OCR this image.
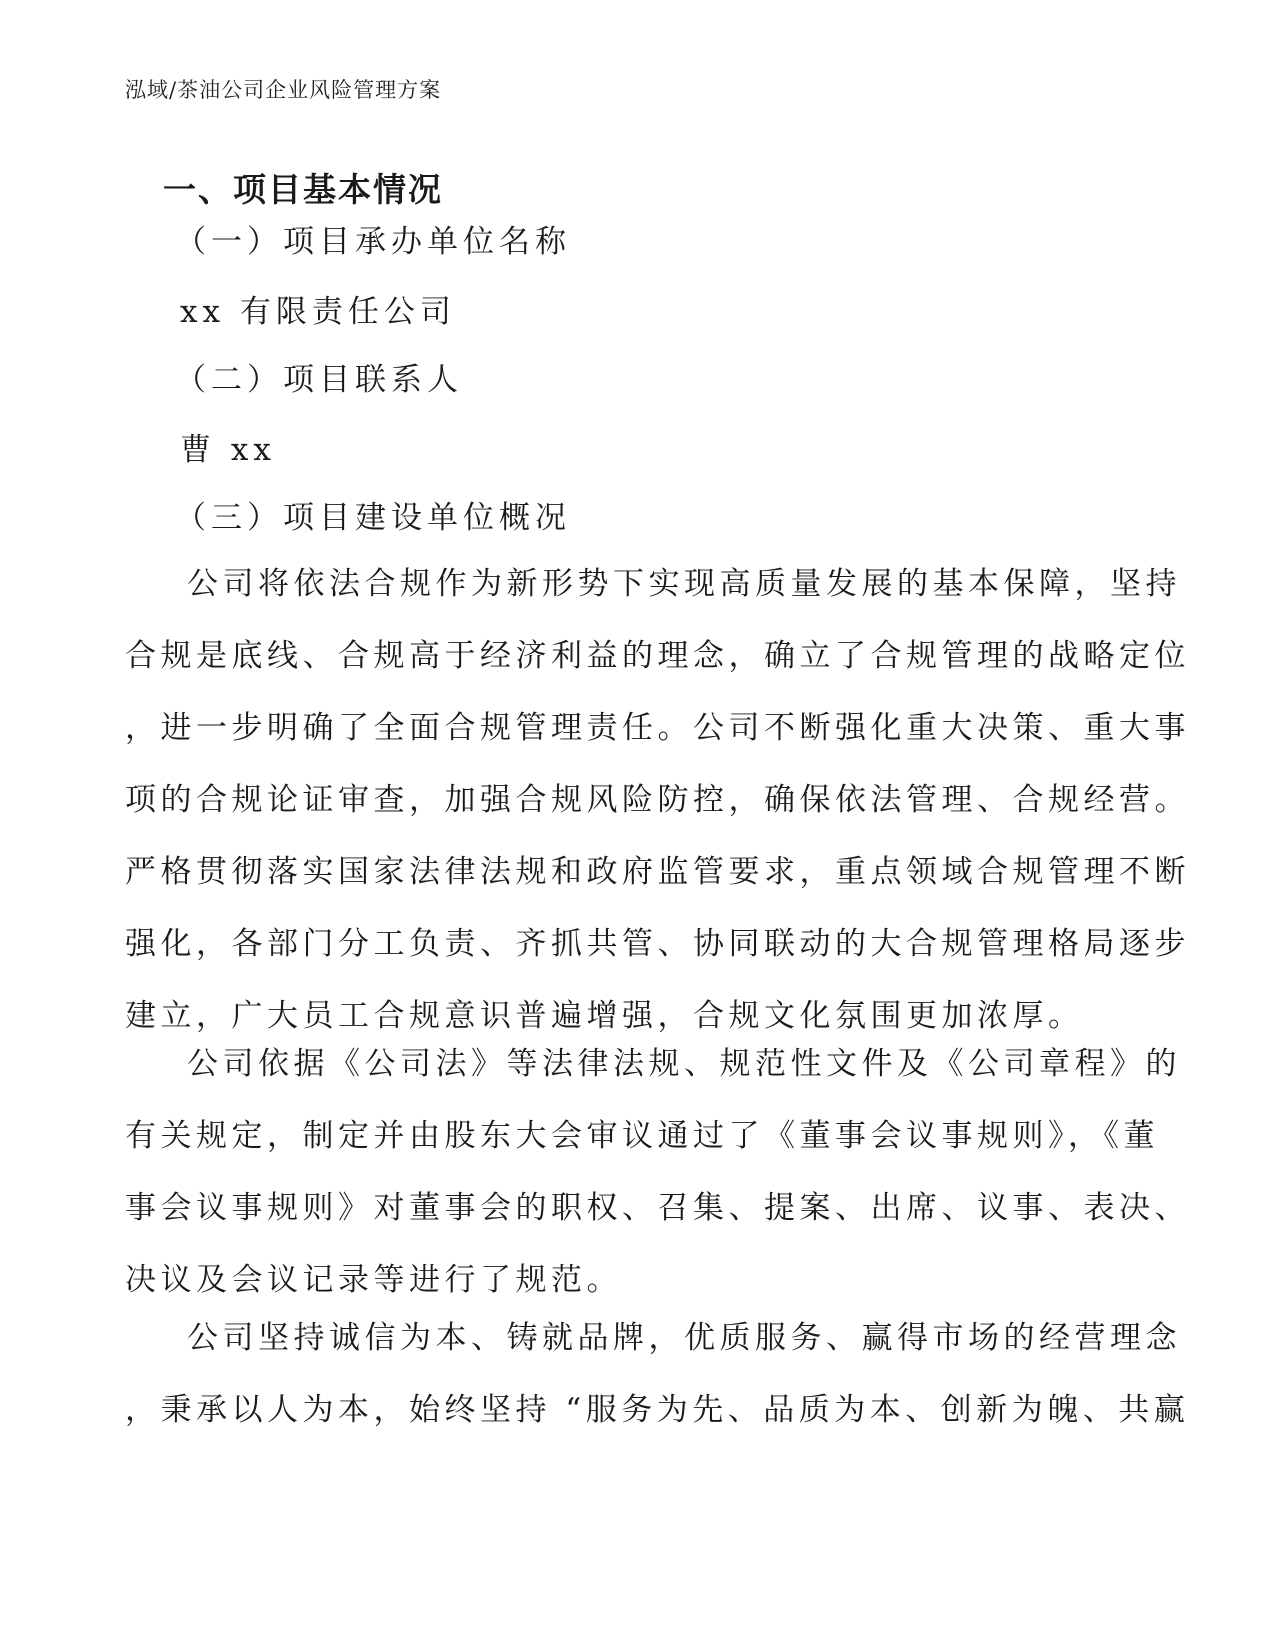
泓域/茶油公司企业风险管理方案
一、项目基本情况
（一）项目承办单位名称
xx 有限责任公司
（二）项目联系人
曹 xx
（三）项目建设单位概况
公司将依法合规作为新形势下实现高质量发展的基本保障，坚持
合规是底线、合规高于经济利益的理念，确立了合规管理的战略定位
，进一步明确了全面合规管理责任。公司不断强化重大决策、重大事
项的合规论证审查，加强合规风险防控，确保依法管理、合规经营。
严格贯彻落实国家法律法规和政府监管要求，重点领域合规管理不断
强化，各部门分工负责、齐抓共管、协同联动的大合规管理格局逐步
建立，广大员工合规意识普遍增强，合规文化氛围更加浓厚。
公司依据《公司法》等法律法规、规范性文件及《公司章程》的
有关规定，制定并由股东大会审议通过了《董事会议事规则》，《董
事会议事规则》对董事会的职权、召集、提案、出席、议事、表决、
决议及会议记录等进行了规范。
公司坚持诚信为本、铸就品牌，优质服务、赢得市场的经营理念
，秉承以人为本，始终坚持 “服务为先、品质为本、创新为魄、共赢
